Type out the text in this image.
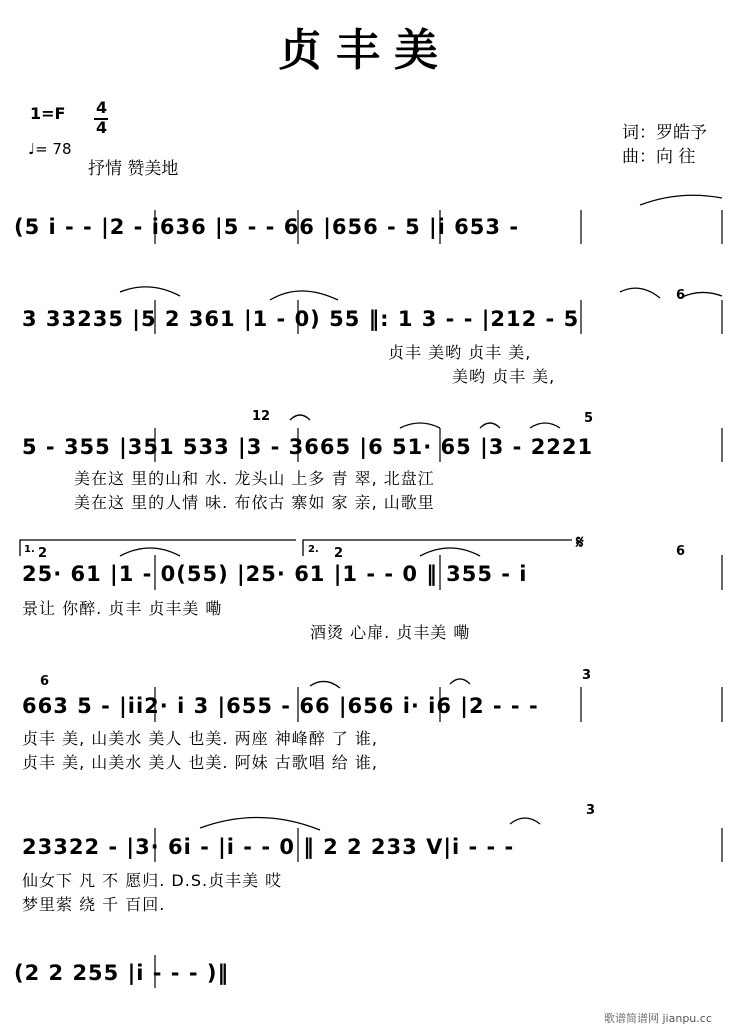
贞丰美
1=F 4
4
♩= 78
抒情 赞美地
词：罗皓予
曲：向 往
(5 i - - |2 - i636 |5 - - 66 |656 - 5 |i 653 -
3 33235 |5 2 361 |1 - 0) 55 ‖: 1 3 - - |212 - 5
贞丰 美哟 贞丰 美,
美哟 贞丰 美,
5 - 355 |351 533 |3 - 3665 |6 51· 65 |3 - 2221
美在这 里的山和 水. 龙头山 上多 青 翠, 北盘江
美在这 里的人情 味. 布依古 寨如 家 亲, 山歌里
25· 61 |1 - 0(55) |25· 61 |1 - - 0 ‖ 355 - i
景让 你醉. 贞丰 贞丰美 嘞
酒烫 心扉. 贞丰美 嘞
663 5 - |ii2· i 3 |655 - 66 |656 i· i6 |2 - - -
贞丰 美, 山美水 美人 也美. 两座 神峰醉 了 谁,
贞丰 美, 山美水 美人 也美. 阿妹 古歌唱 给 谁,
23322 - |3· 6i - |i - - 0 ‖ 2 2 233 V|i - - -
仙女下 凡 不 愿归. D.S.贞丰美 哎
梦里萦 绕 千 百回.
(2 2 255 |i - - - )‖
6
12	5
2
1.	2
2.	𝄋	6
6	3
3
歌谱简谱网 jianpu.cc
